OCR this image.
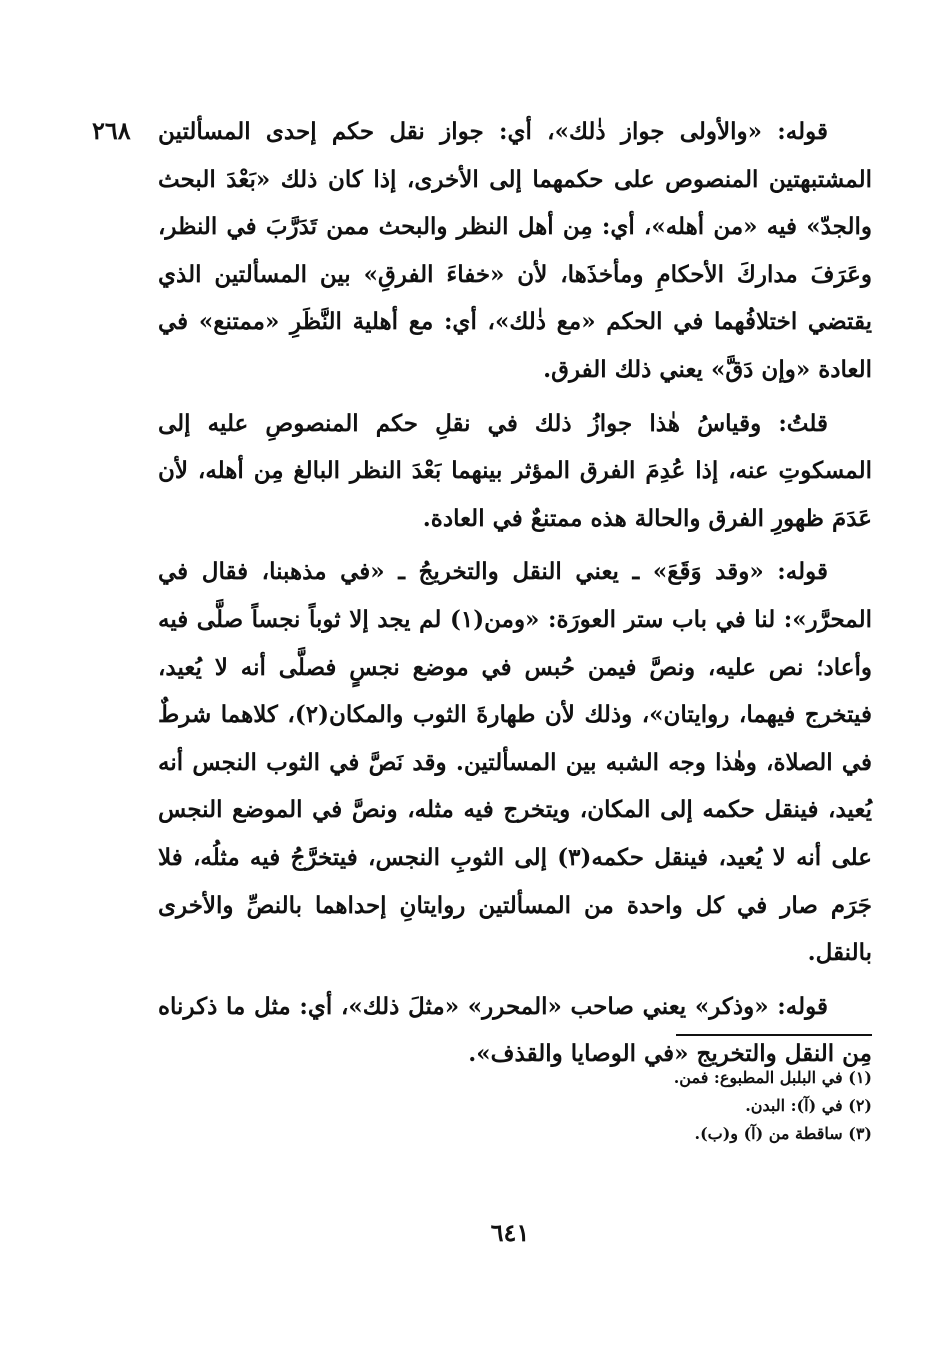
٢٦٨ قوله: «والأولى جواز ذٰلك»، أي: جواز نقل حكم إحدى المسألتين المشتبهتين المنصوص على حكمهما إلى الأخرى، إذا كان ذلك «بَعْدَ البحث والجدّ» فيه «من أهله»، أي: مِن أهل النظر والبحث ممن تَدَرَّبَ في النظر، وعَرَفَ مداركَ الأحكامِ ومأخذَها، لأن «خفاءَ الفرقِ» بين المسألتين الذي يقتضي اختلافُهما في الحكم «مع ذٰلك»، أي: مع أهلية النَّظَرِ «ممتنع» في العادة «وإن دَقَّ» يعني ذلك الفرق.

قلتُ: وقياسُ هٰذا جوازُ ذلك في نقلِ حكم المنصوصِ عليه إلى المسكوتِ عنه، إذا عُدِمَ الفرق المؤثر بينهما بَعْدَ النظر البالغ مِن أهله، لأن عَدَمَ ظهورِ الفرق والحالة هذه ممتنعٌ في العادة.

قوله: «وقد وَقَعَ» ـ يعني النقل والتخريجُ ـ «في مذهبنا، فقال في المحرَّر»: لنا في باب ستر العورَة: «ومن(١) لم يجد إلا ثوباً نجساً صلَّى فيه وأعاد؛ نص عليه، ونصَّ فيمن حُبس في موضع نجسٍ فصلَّى أنه لا يُعيد، فيتخرج فيهما، روايتان»، وذلك لأن طهارةَ الثوب والمكان(٢)، كلاهما شرطٌ في الصلاة، وهٰذا وجه الشبه بين المسألتين. وقد نَصَّ في الثوب النجس أنه يُعيد، فينقل حكمه إلى المكان، ويتخرج فيه مثله، ونصَّ في الموضع النجس على أنه لا يُعيد، فينقل حكمه(٣) إلى الثوبِ النجس، فيتخرَّجُ فيه مثلُه، فلا جَرَم صار في كل واحدة من المسألتين روايتانِ إحداهما بالنصِّ والأخرى بالنقل.

قوله: «وذكر» يعني صاحب «المحرر» «مثلَ ذلك»، أي: مثل ما ذكرناه مِن النقل والتخريج «في الوصايا والقذف».

(١) في البلبل المطبوع: فمن.
(٢) في (آ): البدن.
(٣) ساقطة من (آ) و(ب).
٦٤١
